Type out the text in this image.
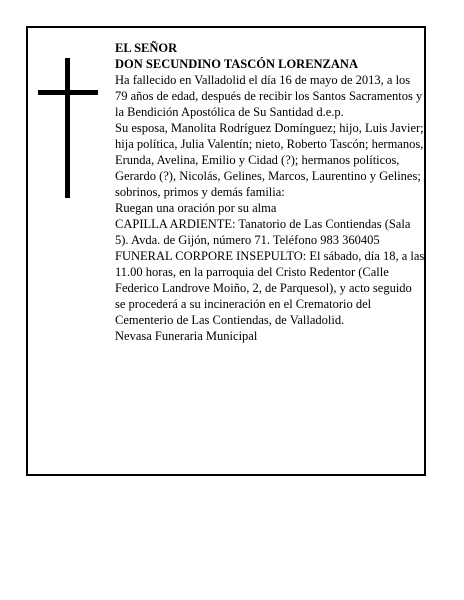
EL SEÑOR
DON SECUNDINO TASCÓN LORENZANA

Ha fallecido en Valladolid el día 16 de mayo de 2013, a los 79 años de edad, después de recibir los Santos Sacramentos y la Bendición Apostólica de Su Santidad d.e.p.

Su esposa, Manolita Rodríguez Domínguez; hijo, Luis Javier; hija política, Julia Valentín; nieto, Roberto Tascón; hermanos, Erunda, Avelina, Emilio y Cidad (?); hermanos políticos, Gerardo (?), Nicolás, Gelines, Marcos, Laurentino y Gelines; sobrinos, primos y demás familia:

Ruegan una oración por su alma

CAPILLA ARDIENTE: Tanatorio de Las Contiendas (Sala 5). Avda. de Gijón, número 71. Teléfono 983 360405

FUNERAL CORPORE INSEPULTO: El sábado, día 18, a las 11.00 horas, en la parroquia del Cristo Redentor (Calle Federico Landrove Moiño, 2, de Parquesol), y acto seguido se procederá a su incineración en el Crematorio del Cementerio de Las Contiendas, de Valladolid.

Nevasa Funeraria Municipal
